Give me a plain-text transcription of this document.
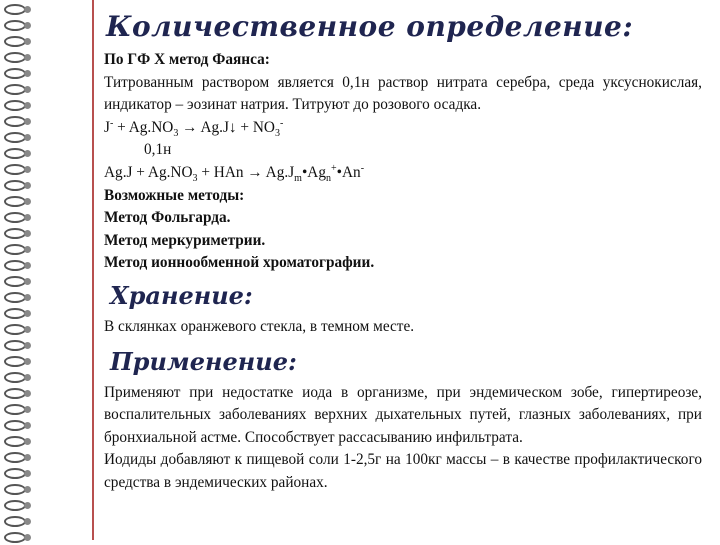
Количественное определение:

По ГФ Х метод Фаянса:

Титрованным раствором является 0,1н раствор нитрата серебра, среда уксуснокислая, индикатор – эозинат натрия. Титруют до розового осадка.

$J^- + Ag.NO_3$ → Ag.J↓ + $NO_3^-$

0,1н

$Ag.J + Ag.NO_3$ + HAn → $Ag.J_m•Ag_n^+•An^-$

Возможные методы:

Метод Фольгарда.

Метод меркуриметрии.

Метод ионнообменной хроматографии.

Хранение:

В склянках оранжевого стекла, в темном месте.

Применение:

Применяют при недостатке иода в организме, при эндемическом зобе, гипертиреозе, воспалительных заболеваниях верхних дыхательных путей, глазных заболеваниях, при бронхиальной астме. Способствует рассасыванию инфильтрата.

Иодиды добавляют к пищевой соли 1-2,5г на 100кг массы – в качестве профилактического средства в эндемических районах.
